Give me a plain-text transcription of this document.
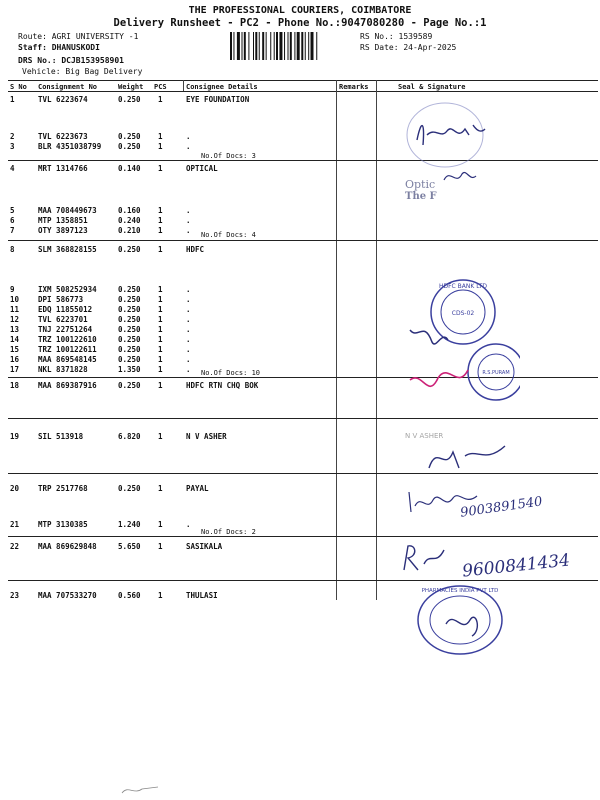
THE PROFESSIONAL COURIERS, COIMBATORE
Delivery Runsheet - PC2 - Phone No.:9047080280 - Page No.:1
Route: AGRI UNIVERSITY -1
Staff: DHANUSKODI
DRS No.: DCJB153958901
Vehicle: Big Bag Delivery
RS No.: 1539589
RS Date: 24-Apr-2025
S No Consignment No	Weight PCS	Consignee Details	Remarks	Seal & Signature
1	TVL 6223674	0.250 1	EYE FOUNDATION
2	TVL 6223673	0.250 1	.
3	BLR 4351038799 0.250 1	.
4	MRT 1314766	0.140 1	OPTICAL
5	MAA 708449673	0.160 1	.
6	MTP 1358851	0.240 1	.
7	OTY 3897123	0.210 1	.
8	SLM 368828155	0.250 1	HDFC
9	IXM 508252934	0.250 1	.
10	DPI 586773	0.250 1	.
11	EDQ 11855012	0.250 1	.
12	TVL 6223701	0.250 1	.
13	TNJ 22751264	0.250 1	.
14	TRZ 100122610	0.250 1	.
15	TRZ 100122611	0.250 1	.
16	MAA 869548145	0.250 1	.
17	NKL 8371828	1.350 1	.
18	MAA 869387916	0.250 1	HDFC RTN CHQ BOK
19	SIL 513918	6.820 1	N V ASHER
20	TRP 2517768	0.250 1	PAYAL
21	MTP 3130385	1.240 1	.
22	MAA 869629848	5.650 1	SASIKALA
23	MAA 707533270	0.560 1	THULASI
No.Of Docs: 3
No.Of Docs: 4
No.Of Docs: 10
No.Of Docs: 2
Optic
The F
HDFC BANK LTD
CDS-02
R.S.PURAM
N V ASHER
9003891540
9600841434
PHARMACIES INDIA PVT LTD
